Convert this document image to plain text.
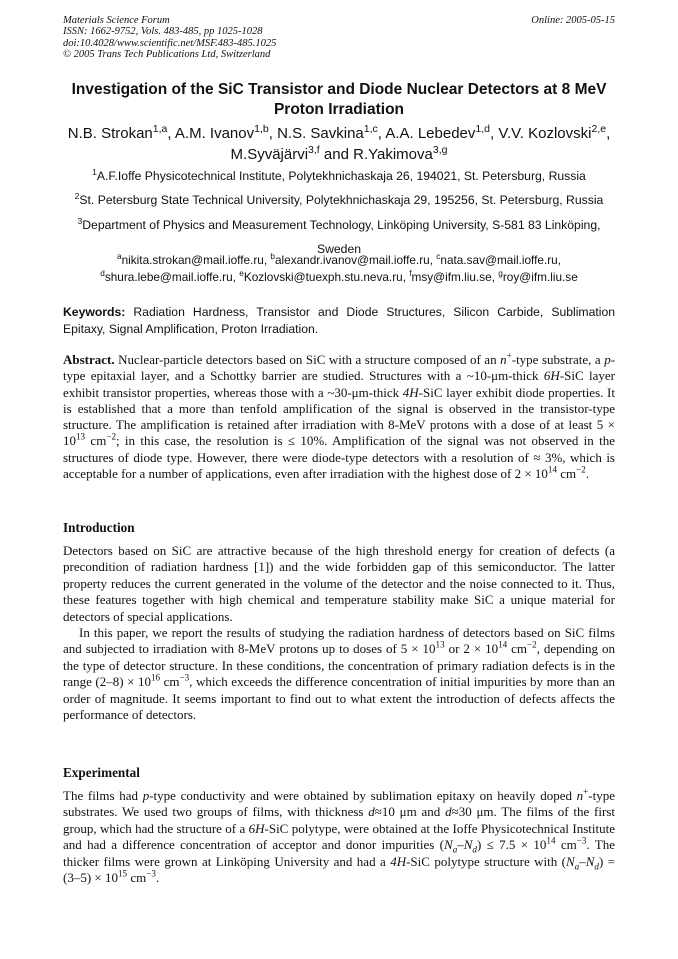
Materials Science Forum	Online: 2005-05-15
ISSN: 1662-9752, Vols. 483-485, pp 1025-1028
doi:10.4028/www.scientific.net/MSF.483-485.1025
© 2005 Trans Tech Publications Ltd, Switzerland
Investigation of the SiC Transistor and Diode Nuclear Detectors at 8 MeV Proton Irradiation
N.B. Strokan$^{1,a}$, A.M. Ivanov$^{1,b}$, N.S. Savkina$^{1,c}$, A.A. Lebedev$^{1,d}$, V.V. Kozlovski$^{2,e}$, M.Syväjärvi$^{3,f}$ and R.Yakimova$^{3,g}$
$^1$A.F.Ioffe Physicotechnical Institute, Polytekhnichaskaja 26, 194021, St. Petersburg, Russia
$^2$St. Petersburg State Technical University, Polytekhnichaskaja 29, 195256, St. Petersburg, Russia
$^3$Department of Physics and Measurement Technology, Linköping University, S-581 83 Linköping, Sweden
$^a$nikita.strokan@mail.ioffe.ru, $^b$alexandr.ivanov@mail.ioffe.ru, $^c$nata.sav@mail.ioffe.ru,
$^d$shura.lebe@mail.ioffe.ru, $^e$Kozlovski@tuexph.stu.neva.ru, $^f$msy@ifm.liu.se, $^g$roy@ifm.liu.se
Keywords: Radiation Hardness, Transistor and Diode Structures, Silicon Carbide, Sublimation Epitaxy, Signal Amplification, Proton Irradiation.
Abstract. Nuclear-particle detectors based on SiC with a structure composed of an n+-type substrate, a p-type epitaxial layer, and a Schottky barrier are studied. Structures with a ~10-μm-thick 6H-SiC layer exhibit transistor properties, whereas those with a ~30-μm-thick 4H-SiC layer exhibit diode properties. It is established that a more than tenfold amplification of the signal is observed in the transistor-type structure. The amplification is retained after irradiation with 8-MeV protons with a dose of at least $5 \times 10^{13}$ $cm^{-2}$; in this case, the resolution is ≤ 10%. Amplification of the signal was not observed in the structures of diode type. However, there were diode-type detectors with a resolution of ≈ 3%, which is acceptable for a number of applications, even after irradiation with the highest dose of $2 \times 10^{14}$ $cm^{-2}$.
Introduction
Detectors based on SiC are attractive because of the high threshold energy for creation of defects (a precondition of radiation hardness [1]) and the wide forbidden gap of this semiconductor. The latter property reduces the current generated in the volume of the detector and the noise connected to it. Thus, these features together with high chemical and temperature stability make SiC a unique material for detectors of special applications.
In this paper, we report the results of studying the radiation hardness of detectors based on SiC films and subjected to irradiation with 8-MeV protons up to doses of $5 \times 10^{13}$ or $2 \times 10^{14}$ $cm^{-2}$, depending on the type of detector structure. In these conditions, the concentration of primary radiation defects is in the range $(2-8) \times 10^{16}$ $cm^{-3}$, which exceeds the difference concentration of initial impurities by more than an order of magnitude. It seems important to find out to what extent the introduction of defects affects the performance of detectors.
Experimental
The films had p-type conductivity and were obtained by sublimation epitaxy on heavily doped n+-type substrates. We used two groups of films, with thickness d≈10 μm and d≈30 μm. The films of the first group, which had the structure of a 6H-SiC polytype, were obtained at the Ioffe Physicotechnical Institute and had a difference concentration of acceptor and donor impurities $(N_a-N_d) \le 7.5 \times 10^{14}$ $cm^{-3}$. The thicker films were grown at Linköping University and had a 4H-SiC polytype structure with $(N_a-N_d) = (3-5) \times 10^{15}$ $cm^{-3}$.
